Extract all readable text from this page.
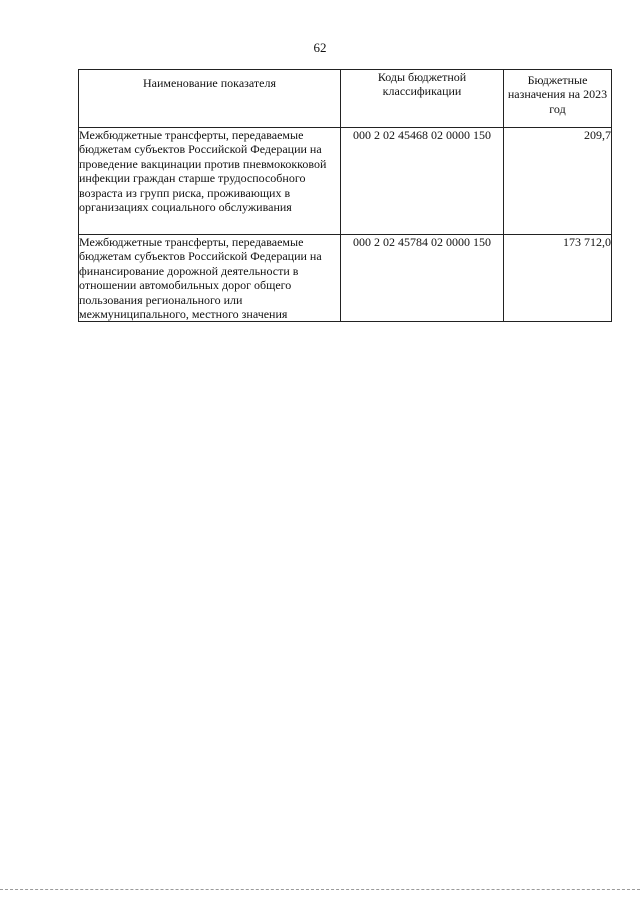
62
Наименование показателя	Коды бюджетной классификации	Бюджетные назначения на 2023 год
Межбюджетные трансферты, передаваемые бюджетам субъектов Российской Федерации на проведение вакцинации против пневмококковой инфекции граждан старше трудоспособного возраста из групп риска, проживающих в организациях социального обслуживания	000 2 02 45468 02 0000 150	209,7
Межбюджетные трансферты, передаваемые бюджетам субъектов Российской Федерации на финансирование дорожной деятельности в отношении автомобильных дорог общего пользования регионального или межмуниципального, местного значения	000 2 02 45784 02 0000 150	173 712,0
